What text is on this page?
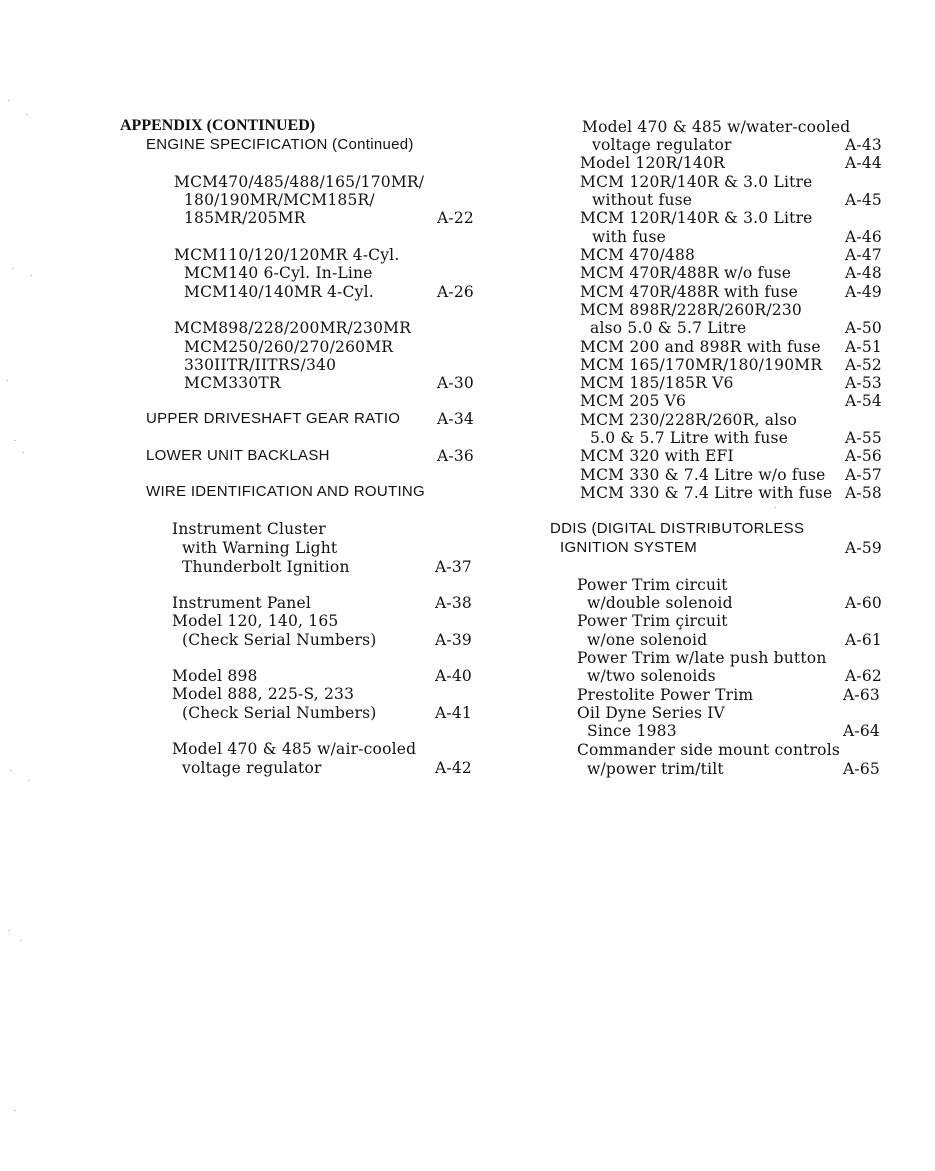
APPENDIX (CONTINUED)
ENGINE SPECIFICATION (Continued)
MCM470/485/488/165/170MR/
180/190MR/MCM185R/
185MR/205MR	A-22
MCM110/120/120MR 4-Cyl.
MCM140 6-Cyl. In-Line
MCM140/140MR 4-Cyl.	A-26
MCM898/228/200MR/230MR
MCM250/260/270/260MR
330IITR/IITRS/340
MCM330TR	A-30
UPPER DRIVESHAFT GEAR RATIO A-34
LOWER UNIT BACKLASH	A-36
WIRE IDENTIFICATION AND ROUTING
Instrument Cluster
with Warning Light
Thunderbolt Ignition	A-37
Instrument Panel	A-38
Model 120, 140, 165
(Check Serial Numbers)	A-39
Model 898	A-40
Model 888, 225-S, 233
(Check Serial Numbers)	A-41
Model 470 & 485 w/air-cooled
voltage regulator	A-42
Model 470 & 485 w/water-cooled
voltage regulator	A-43
Model 120R/140R	A-44
MCM 120R/140R & 3.0 Litre
without fuse	A-45
MCM 120R/140R & 3.0 Litre
with fuse	A-46
MCM 470/488	A-47
MCM 470R/488R w/o fuse	A-48
MCM 470R/488R with fuse	A-49
MCM 898R/228R/260R/230
also 5.0 & 5.7 Litre	A-50
MCM 200 and 898R with fuse A-51
MCM 165/170MR/180/190MR A-52
MCM 185/185R V6	A-53
MCM 205 V6	A-54
MCM 230/228R/260R, also
5.0 & 5.7 Litre with fuse	A-55
MCM 320 with EFI	A-56
MCM 330 & 7.4 Litre w/o fuse A-57
MCM 330 & 7.4 Litre with fuse A-58
DDIS (DIGITAL DISTRIBUTORLESS
IGNITION SYSTEM	A-59
Power Trim circuit
w/double solenoid	A-60
Power Trim çircuit
w/one solenoid	A-61
Power Trim w/late push button
w/two solenoids	A-62
Prestolite Power Trim	A-63
Oil Dyne Series IV
Since 1983	A-64
Commander side mount controls
w/power trim/tilt	A-65
